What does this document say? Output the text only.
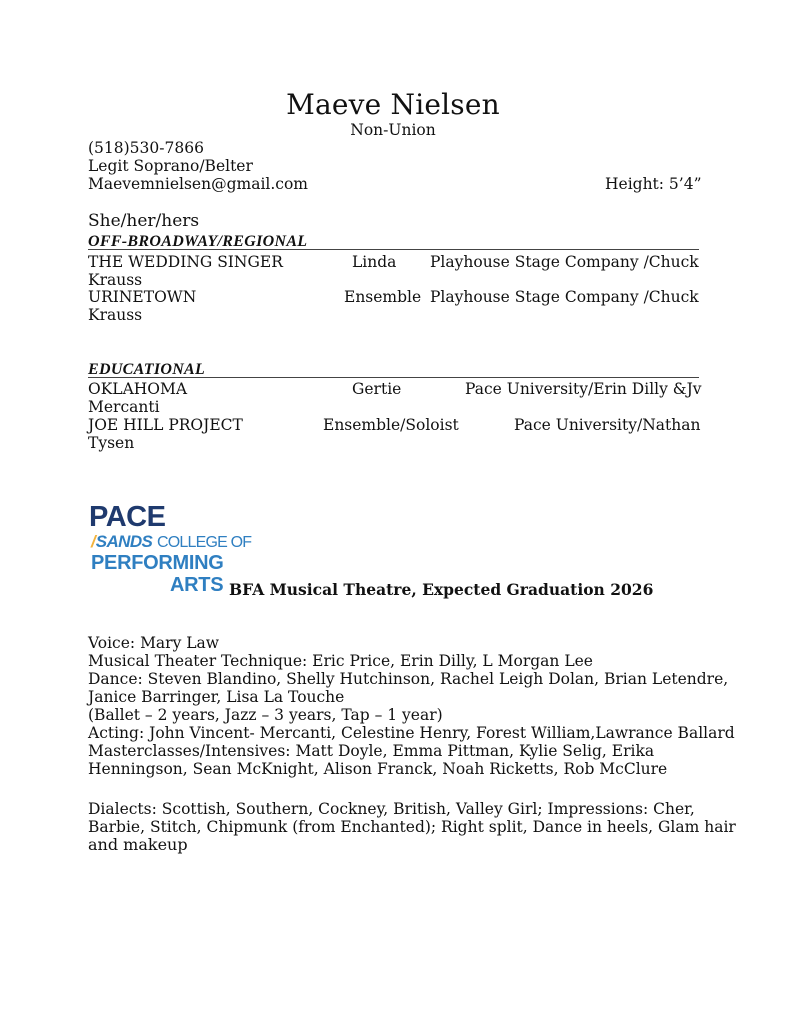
Maeve Nielsen
Non-Union
(518)530-7866
Legit Soprano/Belter
Maevemnielsen@gmail.com	Height: 5’4”
She/her/hers
OFF-BROADWAY/REGIONAL
THE WEDDING SINGER	Linda Playhouse Stage Company /Chuck
Krauss
URINETOWN	Ensemble Playhouse Stage Company /Chuck
Krauss
EDUCATIONAL
OKLAHOMA	Gertie	Pace University/Erin Dilly &Jv
Mercanti
JOE HILL PROJECT	Ensemble/Soloist	Pace University/Nathan
Tysen
PACE
/SANDS COLLEGE OF
PERFORMING
ARTS BFA Musical Theatre, Expected Graduation 2026
Voice: Mary Law
Musical Theater Technique: Eric Price, Erin Dilly, L Morgan Lee
Dance: Steven Blandino, Shelly Hutchinson, Rachel Leigh Dolan, Brian Letendre,
Janice Barringer, Lisa La Touche
(Ballet – 2 years, Jazz – 3 years, Tap – 1 year)
Acting: John Vincent- Mercanti, Celestine Henry, Forest William,Lawrance Ballard
Masterclasses/Intensives: Matt Doyle, Emma Pittman, Kylie Selig, Erika
Henningson, Sean McKnight, Alison Franck, Noah Ricketts, Rob McClure
Dialects: Scottish, Southern, Cockney, British, Valley Girl; Impressions: Cher,
Barbie, Stitch, Chipmunk (from Enchanted); Right split, Dance in heels, Glam hair
and makeup
